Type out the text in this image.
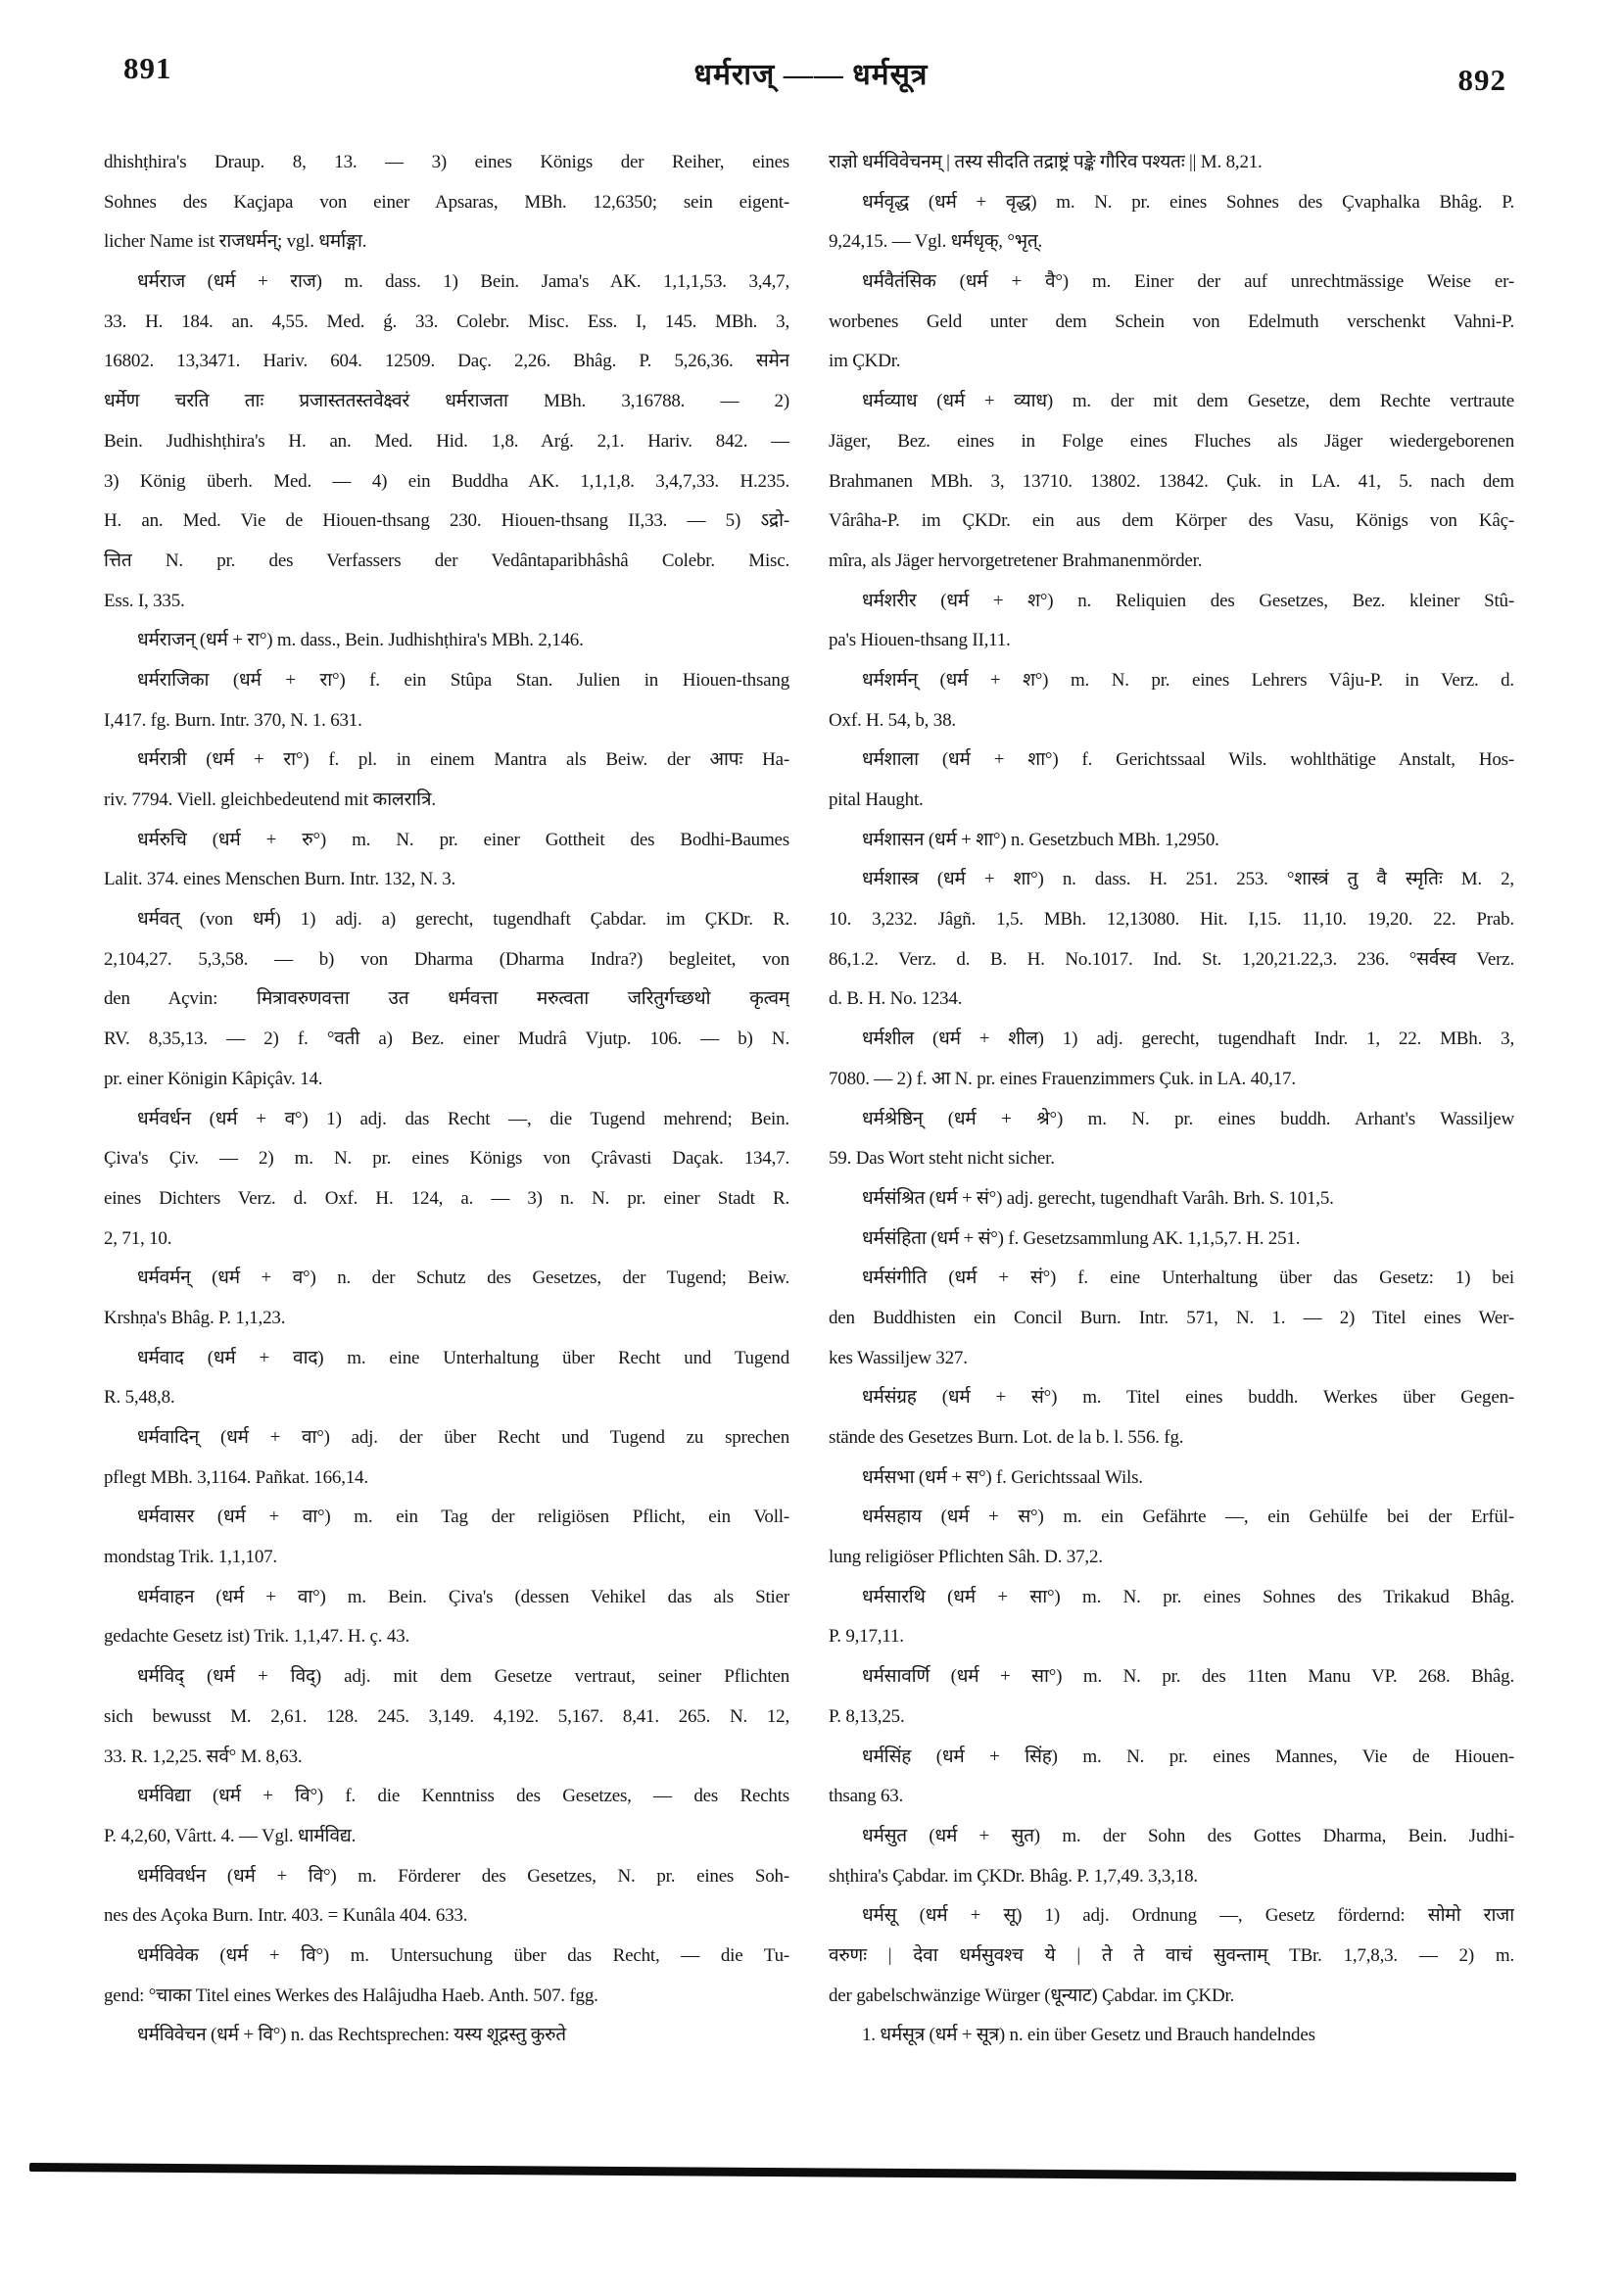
891	धर्मराज् —— धर्मसूत्र	892
dhishṭhira's Draup. 8, 13. — 3) eines Königs der Reiher, eines
Sohnes des Kaçjapa von einer Apsaras, MBh. 12,6350; sein eigent-
licher Name ist राजधर्मन्; vgl. धर्माङ्गा.
धर्मराज (धर्म + राज) m. dass. 1) Bein. Jama's AK. 1,1,1,53. 3,4,7,
33. H. 184. an. 4,55. Med. ǵ. 33. Colebr. Misc. Ess. I, 145. MBh. 3,
16802. 13,3471. Hariv. 604. 12509. Daç. 2,26. Bhâg. P. 5,26,36. समेन
धर्मेण चरति ताः प्रजास्ततस्तवेक्ष्वरं धर्मराजता MBh. 3,16788. — 2)
Bein. Judhishṭhira's H. an. Med. Hid. 1,8. Arǵ. 2,1. Hariv. 842. —
3) König überh. Med. — 4) ein Buddha AK. 1,1,1,8. 3,4,7,33. H.235.
H. an. Med. Vie de Hiouen-thsang 230. Hiouen-thsang II,33. — 5) ऽद्रो-
त्तित N. pr. des Verfassers der Vedântaparibhâshâ Colebr. Misc.
Ess. I, 335.
धर्मराजन् (धर्म + रा°) m. dass., Bein. Judhishṭhira's MBh. 2,146.
धर्मराजिका (धर्म + रा°) f. ein Stûpa Stan. Julien in Hiouen-thsang
I,417. fg. Burn. Intr. 370, N. 1. 631.
धर्मरात्री (धर्म + रा°) f. pl. in einem Mantra als Beiw. der आपः Ha-
riv. 7794. Viell. gleichbedeutend mit कालरात्रि.
धर्मरुचि (धर्म + रु°) m. N. pr. einer Gottheit des Bodhi-Baumes
Lalit. 374. eines Menschen Burn. Intr. 132, N. 3.
धर्मवत् (von धर्म) 1) adj. a) gerecht, tugendhaft Çabdar. im ÇKDr. R.
2,104,27. 5,3,58. — b) von Dharma (Dharma Indra?) begleitet, von
den Açvin: मित्रावरुणवत्ता उत धर्मवत्ता मरुत्वता जरितुर्गच्छथो कृत्वम्
RV. 8,35,13. — 2) f. °वती a) Bez. einer Mudrâ Vjutp. 106. — b) N.
pr. einer Königin Kâpiçâv. 14.
धर्मवर्धन (धर्म + व°) 1) adj. das Recht —, die Tugend mehrend; Bein.
Çiva's Çiv. — 2) m. N. pr. eines Königs von Çrâvasti Daçak. 134,7.
eines Dichters Verz. d. Oxf. H. 124, a. — 3) n. N. pr. einer Stadt R.
2, 71, 10.
धर्मवर्मन् (धर्म + व°) n. der Schutz des Gesetzes, der Tugend; Beiw.
Krshṇa's Bhâg. P. 1,1,23.
धर्मवाद (धर्म + वाद) m. eine Unterhaltung über Recht und Tugend
R. 5,48,8.
धर्मवादिन् (धर्म + वा°) adj. der über Recht und Tugend zu sprechen
pflegt MBh. 3,1164. Pañkat. 166,14.
धर्मवासर (धर्म + वा°) m. ein Tag der religiösen Pflicht, ein Voll-
mondstag Trik. 1,1,107.
धर्मवाहन (धर्म + वा°) m. Bein. Çiva's (dessen Vehikel das als Stier
gedachte Gesetz ist) Trik. 1,1,47. H. ç. 43.
धर्मविद् (धर्म + विद्) adj. mit dem Gesetze vertraut, seiner Pflichten
sich bewusst M. 2,61. 128. 245. 3,149. 4,192. 5,167. 8,41. 265. N. 12,
33. R. 1,2,25. सर्व° M. 8,63.
धर्मविद्या (धर्म + वि°) f. die Kenntniss des Gesetzes, — des Rechts
P. 4,2,60, Vârtt. 4. — Vgl. धार्मविद्य.
धर्मविवर्धन (धर्म + वि°) m. Förderer des Gesetzes, N. pr. eines Soh-
nes des Açoka Burn. Intr. 403. = Kunâla 404. 633.
धर्मविवेक (धर्म + वि°) m. Untersuchung über das Recht, — die Tu-
gend: °चाका Titel eines Werkes des Halâjudha Haeb. Anth. 507. fgg.
धर्मविवेचन (धर्म + वि°) n. das Rechtsprechen: यस्य शूद्रस्तु कुरुते
राज्ञो धर्मविवेचनम् | तस्य सीदति तद्राष्ट्रं पङ्के गौरिव पश्यतः || M. 8,21.
धर्मवृद्ध (धर्म + वृद्ध) m. N. pr. eines Sohnes des Çvaphalka Bhâg. P.
9,24,15. — Vgl. धर्मधृक्, °भृत्.
धर्मवैतंसिक (धर्म + वै°) m. Einer der auf unrechtmässige Weise er-
worbenes Geld unter dem Schein von Edelmuth verschenkt Vahni-P.
im ÇKDr.
धर्मव्याध (धर्म + व्याध) m. der mit dem Gesetze, dem Rechte vertraute
Jäger, Bez. eines in Folge eines Fluches als Jäger wiedergeborenen
Brahmanen MBh. 3, 13710. 13802. 13842. Çuk. in LA. 41, 5. nach dem
Vârâha-P. im ÇKDr. ein aus dem Körper des Vasu, Königs von Kâç-
mîra, als Jäger hervorgetretener Brahmanenmörder.
धर्मशरीर (धर्म + श°) n. Reliquien des Gesetzes, Bez. kleiner Stû-
pa's Hiouen-thsang II,11.
धर्मशर्मन् (धर्म + श°) m. N. pr. eines Lehrers Vâju-P. in Verz. d.
Oxf. H. 54, b, 38.
धर्मशाला (धर्म + शा°) f. Gerichtssaal Wils. wohlthätige Anstalt, Hos-
pital Haught.
धर्मशासन (धर्म + शा°) n. Gesetzbuch MBh. 1,2950.
धर्मशास्त्र (धर्म + शा°) n. dass. H. 251. 253. °शास्त्रं तु वै स्मृतिः M. 2,
10. 3,232. Jâgñ. 1,5. MBh. 12,13080. Hit. I,15. 11,10. 19,20. 22. Prab.
86,1.2. Verz. d. B. H. No.1017. Ind. St. 1,20,21.22,3. 236. °सर्वस्व Verz.
d. B. H. No. 1234.
धर्मशील (धर्म + शील) 1) adj. gerecht, tugendhaft Indr. 1, 22. MBh. 3,
7080. — 2) f. आ N. pr. eines Frauenzimmers Çuk. in LA. 40,17.
धर्मश्रेष्ठिन् (धर्म + श्रे°) m. N. pr. eines buddh. Arhant's Wassiljew
59. Das Wort steht nicht sicher.
धर्मसंश्रित (धर्म + सं°) adj. gerecht, tugendhaft Varâh. Brh. S. 101,5.
धर्मसंहिता (धर्म + सं°) f. Gesetzsammlung AK. 1,1,5,7. H. 251.
धर्मसंगीति (धर्म + सं°) f. eine Unterhaltung über das Gesetz: 1) bei
den Buddhisten ein Concil Burn. Intr. 571, N. 1. — 2) Titel eines Wer-
kes Wassiljew 327.
धर्मसंग्रह (धर्म + सं°) m. Titel eines buddh. Werkes über Gegen-
stände des Gesetzes Burn. Lot. de la b. l. 556. fg.
धर्मसभा (धर्म + स°) f. Gerichtssaal Wils.
धर्मसहाय (धर्म + स°) m. ein Gefährte —, ein Gehülfe bei der Erfül-
lung religiöser Pflichten Sâh. D. 37,2.
धर्मसारथि (धर्म + सा°) m. N. pr. eines Sohnes des Trikakud Bhâg.
P. 9,17,11.
धर्मसावर्णि (धर्म + सा°) m. N. pr. des 11ten Manu VP. 268. Bhâg.
P. 8,13,25.
धर्मसिंह (धर्म + सिंह) m. N. pr. eines Mannes, Vie de Hiouen-
thsang 63.
धर्मसुत (धर्म + सुत) m. der Sohn des Gottes Dharma, Bein. Judhi-
shṭhira's Çabdar. im ÇKDr. Bhâg. P. 1,7,49. 3,3,18.
धर्मसू (धर्म + सू) 1) adj. Ordnung —, Gesetz fördernd: सोमो राजा
वरुणः | देवा धर्मसुवश्च ये | ते ते वाचं सुवन्ताम् TBr. 1,7,8,3. — 2) m.
der gabelschwänzige Würger (धून्याट) Çabdar. im ÇKDr.
1. धर्मसूत्र (धर्म + सूत्र) n. ein über Gesetz und Brauch handelndes
